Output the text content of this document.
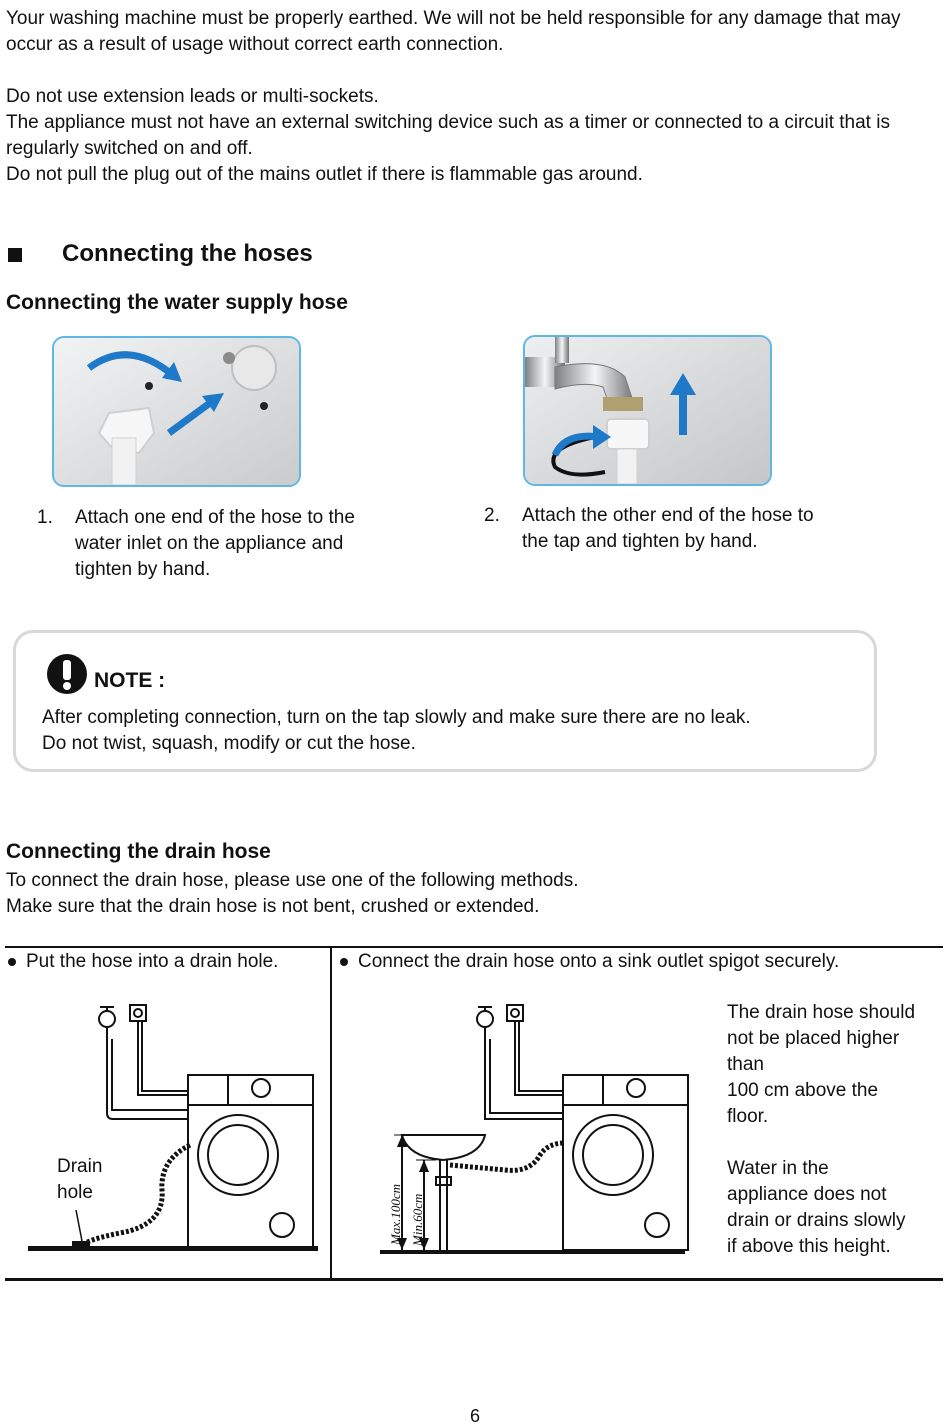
Your washing machine must be properly earthed. We will not be held responsible for any damage that may occur as a result of usage without correct earth connection.

Do not use extension leads or multi-sockets.

The appliance must not have an external switching device such as a timer or connected to a circuit that is regularly switched on and off.

Do not pull the plug out of the mains outlet if there is flammable gas around.

Connecting the hoses
Connecting the water supply hose
1.	Attach one end of the hose to the water inlet on the appliance and tighten by hand.
2.	Attach the other end of the hose to the tap and tighten by hand.
NOTE :
After completing connection, turn on the tap slowly and make sure there are no leak.
Do not twist, squash, modify or cut the hose.
Connecting the drain hose

To connect the drain hose, please use one of the following methods.

Make sure that the drain hose is not bent, crushed or extended.

Put the hose into a drain hole.
Drain
hole
Connect the drain hose onto a sink outlet spigot securely.
Max.100cm Min.60cm
The drain hose should
not be placed higher
than
100 cm above the
floor.
Water in the
appliance does not
drain or drains slowly
if above this height.
6
